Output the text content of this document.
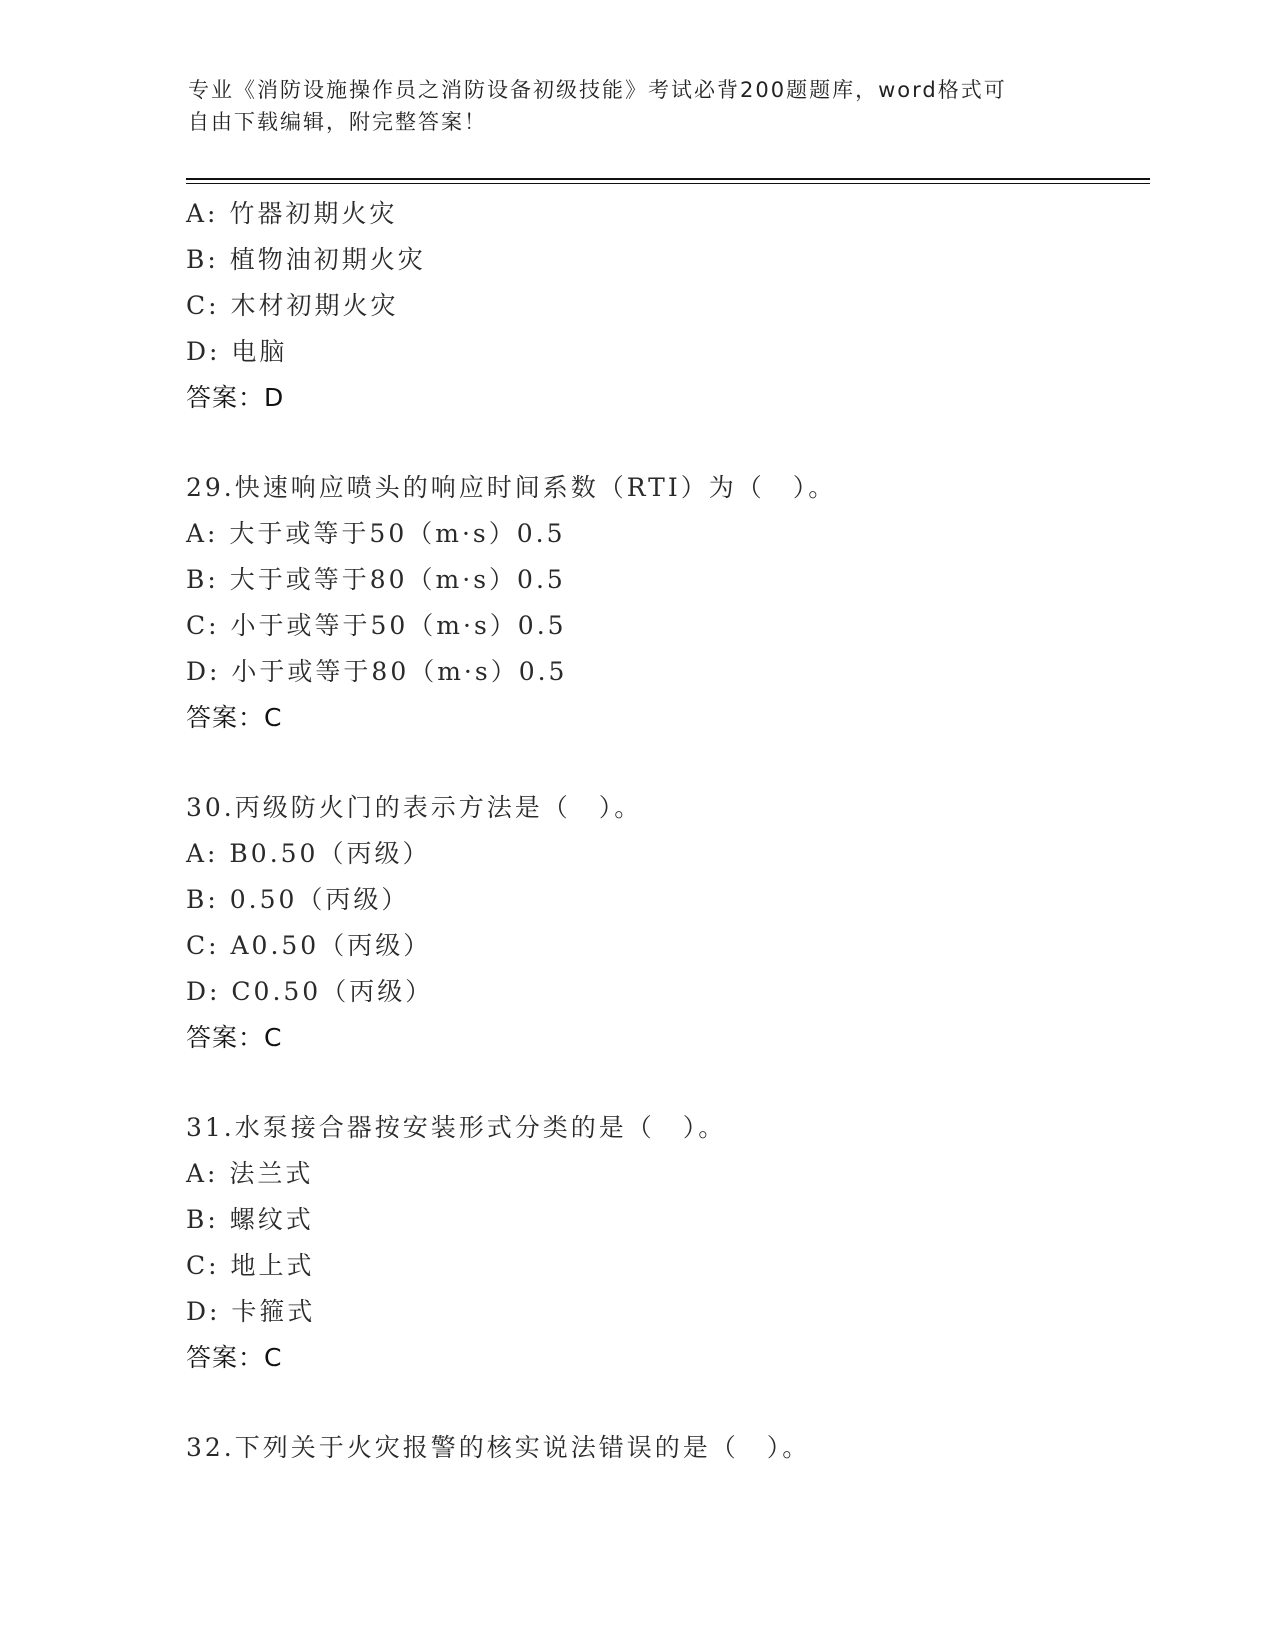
专业《消防设施操作员之消防设备初级技能》考试必背200题题库，word格式可
自由下载编辑，附完整答案！
A: 竹器初期火灾
B: 植物油初期火灾
C: 木材初期火灾
D: 电脑
答案：D
29.快速响应喷头的响应时间系数（RTI）为（　）。
A: 大于或等于50（m·s）0.5
B: 大于或等于80（m·s）0.5
C: 小于或等于50（m·s）0.5
D: 小于或等于80（m·s）0.5
答案：C
30.丙级防火门的表示方法是（　）。
A: B0.50（丙级）
B: 0.50（丙级）
C: A0.50（丙级）
D: C0.50（丙级）
答案：C
31.水泵接合器按安装形式分类的是（　）。
A: 法兰式
B: 螺纹式
C: 地上式
D: 卡箍式
答案：C
32.下列关于火灾报警的核实说法错误的是（　）。
